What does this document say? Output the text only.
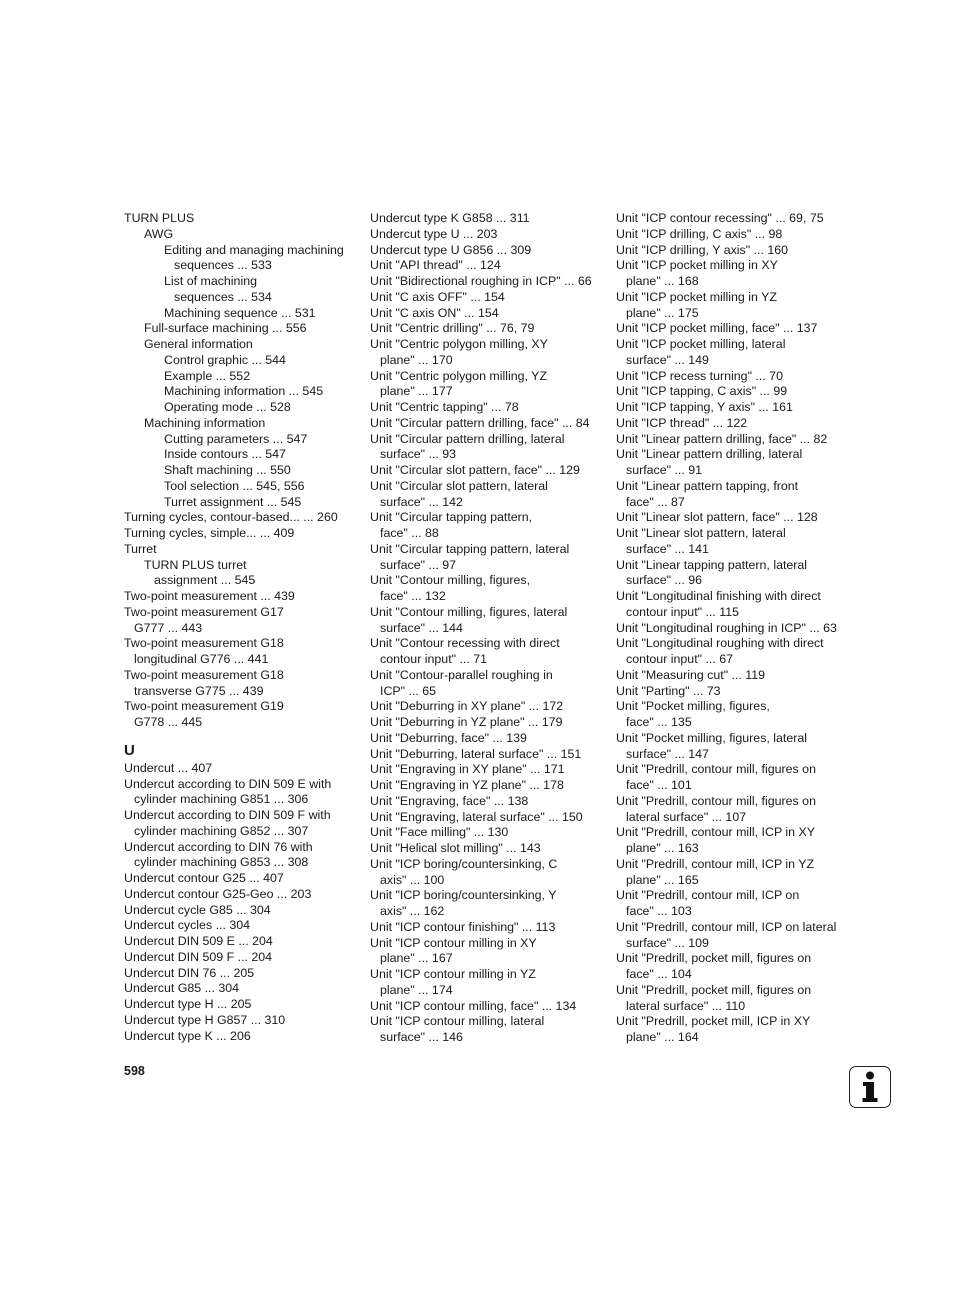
TURN PLUS
AWG
Editing and managing machining
sequences ... 533
List of machining
sequences ... 534
Machining sequence ... 531
Full-surface machining ... 556
General information
Control graphic ... 544
Example ... 552
Machining information ... 545
Operating mode ... 528
Machining information
Cutting parameters ... 547
Inside contours ... 547
Shaft machining ... 550
Tool selection ... 545, 556
Turret assignment ... 545
Turning cycles, contour-based... ... 260
Turning cycles, simple... ... 409
Turret
TURN PLUS turret
assignment ... 545
Two-point measurement ... 439
Two-point measurement G17
G777 ... 443
Two-point measurement G18
longitudinal G776 ... 441
Two-point measurement G18
transverse G775 ... 439
Two-point measurement G19
G778 ... 445
U
Undercut ... 407
Undercut according to DIN 509 E with
cylinder machining G851 ... 306
Undercut according to DIN 509 F with
cylinder machining G852 ... 307
Undercut according to DIN 76 with
cylinder machining G853 ... 308
Undercut contour G25 ... 407
Undercut contour G25-Geo ... 203
Undercut cycle G85 ... 304
Undercut cycles ... 304
Undercut DIN 509 E ... 204
Undercut DIN 509 F ... 204
Undercut DIN 76 ... 205
Undercut G85 ... 304
Undercut type H ... 205
Undercut type H G857 ... 310
Undercut type K ... 206
Undercut type K G858 ... 311
Undercut type U ... 203
Undercut type U G856 ... 309
Unit "API thread" ... 124
Unit "Bidirectional roughing in ICP" ... 66
Unit "C axis OFF" ... 154
Unit "C axis ON" ... 154
Unit "Centric drilling" ... 76, 79
Unit "Centric polygon milling, XY
plane" ... 170
Unit "Centric polygon milling, YZ
plane" ... 177
Unit "Centric tapping" ... 78
Unit "Circular pattern drilling, face" ... 84
Unit "Circular pattern drilling, lateral
surface" ... 93
Unit "Circular slot pattern, face" ... 129
Unit "Circular slot pattern, lateral
surface" ... 142
Unit "Circular tapping pattern,
face" ... 88
Unit "Circular tapping pattern, lateral
surface" ... 97
Unit "Contour milling, figures,
face" ... 132
Unit "Contour milling, figures, lateral
surface" ... 144
Unit "Contour recessing with direct
contour input" ... 71
Unit "Contour-parallel roughing in
ICP" ... 65
Unit "Deburring in XY plane" ... 172
Unit "Deburring in YZ plane" ... 179
Unit "Deburring, face" ... 139
Unit "Deburring, lateral surface" ... 151
Unit "Engraving in XY plane" ... 171
Unit "Engraving in YZ plane" ... 178
Unit "Engraving, face" ... 138
Unit "Engraving, lateral surface" ... 150
Unit "Face milling" ... 130
Unit "Helical slot milling" ... 143
Unit "ICP boring/countersinking, C
axis" ... 100
Unit "ICP boring/countersinking, Y
axis" ... 162
Unit "ICP contour finishing" ... 113
Unit "ICP contour milling in XY
plane" ... 167
Unit "ICP contour milling in YZ
plane" ... 174
Unit "ICP contour milling, face" ... 134
Unit "ICP contour milling, lateral
surface" ... 146
Unit "ICP contour recessing" ... 69, 75
Unit "ICP drilling, C axis" ... 98
Unit "ICP drilling, Y axis" ... 160
Unit "ICP pocket milling in XY
plane" ... 168
Unit "ICP pocket milling in YZ
plane" ... 175
Unit "ICP pocket milling, face" ... 137
Unit "ICP pocket milling, lateral
surface" ... 149
Unit "ICP recess turning" ... 70
Unit "ICP tapping, C axis" ... 99
Unit "ICP tapping, Y axis" ... 161
Unit "ICP thread" ... 122
Unit "Linear pattern drilling, face" ... 82
Unit "Linear pattern drilling, lateral
surface" ... 91
Unit "Linear pattern tapping, front
face" ... 87
Unit "Linear slot pattern, face" ... 128
Unit "Linear slot pattern, lateral
surface" ... 141
Unit "Linear tapping pattern, lateral
surface" ... 96
Unit "Longitudinal finishing with direct
contour input" ... 115
Unit "Longitudinal roughing in ICP" ... 63
Unit "Longitudinal roughing with direct
contour input" ... 67
Unit "Measuring cut" ... 119
Unit "Parting" ... 73
Unit "Pocket milling, figures,
face" ... 135
Unit "Pocket milling, figures, lateral
surface" ... 147
Unit "Predrill, contour mill, figures on
face" ... 101
Unit "Predrill, contour mill, figures on
lateral surface" ... 107
Unit "Predrill, contour mill, ICP in XY
plane" ... 163
Unit "Predrill, contour mill, ICP in YZ
plane" ... 165
Unit "Predrill, contour mill, ICP on
face" ... 103
Unit "Predrill, contour mill, ICP on lateral
surface" ... 109
Unit "Predrill, pocket mill, figures on
face" ... 104
Unit "Predrill, pocket mill, figures on
lateral surface" ... 110
Unit "Predrill, pocket mill, ICP in XY
plane" ... 164
598
